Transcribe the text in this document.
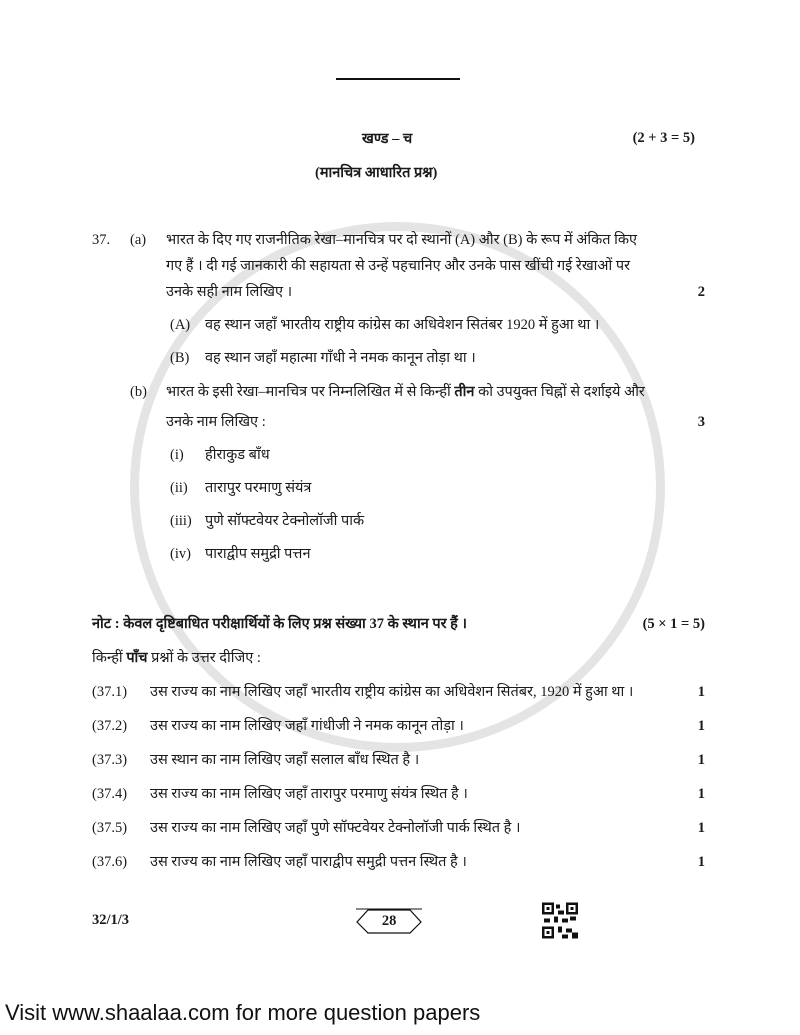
खण्ड – च	(2 + 3 = 5)
(मानचित्र आधारित प्रश्न)
37.	(a)	भारत के दिए गए राजनीतिक रेखा–मानचित्र पर दो स्थानों (A) और (B) के रूप में अंकित किए
गए हैं । दी गई जानकारी की सहायता से उन्हें पहचानिए और उनके पास खींची गई रेखाओं पर
उनके सही नाम लिखिए ।	2
(A)	वह स्थान जहाँ भारतीय राष्ट्रीय कांग्रेस का अधिवेशन सितंबर 1920 में हुआ था ।
(B)	वह स्थान जहाँ महात्मा गाँधी ने नमक कानून तोड़ा था ।
(b)	भारत के इसी रेखा–मानचित्र पर निम्नलिखित में से किन्हीं तीन को उपयुक्त चिह्नों से दर्शाइये और
उनके नाम लिखिए :	3
(i)	हीराकुड बाँध
(ii)	तारापुर परमाणु संयंत्र
(iii) पुणे सॉफ्टवेयर टेक्नोलॉजी पार्क
(iv) पाराद्वीप समुद्री पत्तन
नोट : केवल दृष्टिबाधित परीक्षार्थियों के लिए प्रश्न संख्या 37 के स्थान पर हैं ।	(5 × 1 = 5)
किन्हीं पाँच प्रश्नों के उत्तर दीजिए :
(37.1)	उस राज्य का नाम लिखिए जहाँ भारतीय राष्ट्रीय कांग्रेस का अधिवेशन सितंबर, 1920 में हुआ था ।	1
(37.2)	उस राज्य का नाम लिखिए जहाँ गांधीजी ने नमक कानून तोड़ा ।	1
(37.3)	उस स्थान का नाम लिखिए जहाँ सलाल बाँध स्थित है ।	1
(37.4)	उस राज्य का नाम लिखिए जहाँ तारापुर परमाणु संयंत्र स्थित है ।	1
(37.5)	उस राज्य का नाम लिखिए जहाँ पुणे सॉफ्टवेयर टेक्नोलॉजी पार्क स्थित है ।	1
(37.6)	उस राज्य का नाम लिखिए जहाँ पाराद्वीप समुद्री पत्तन स्थित है ।	1
32/1/3	28
Visit www.shaalaa.com for more question papers
